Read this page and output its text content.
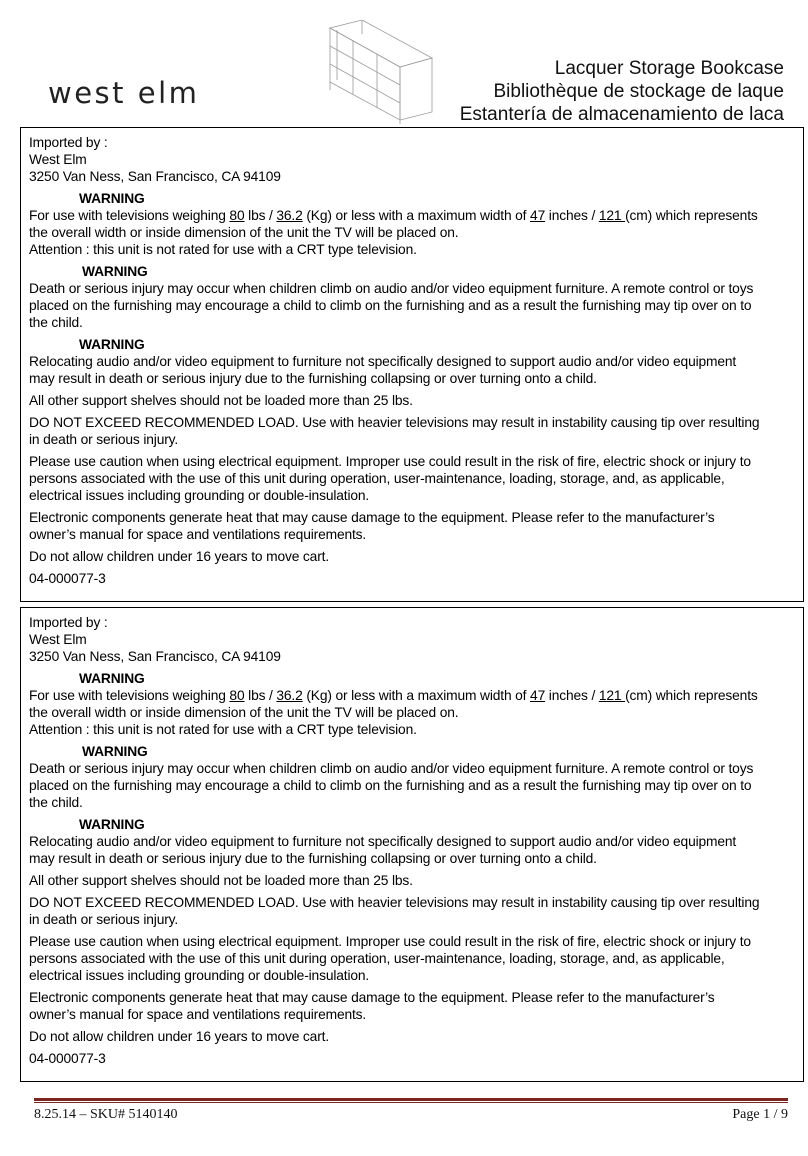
west elm
Lacquer Storage Bookcase
Bibliothèque de stockage de laque
Estantería de almacenamiento de laca
Imported by :
West Elm
3250 Van Ness, San Francisco, CA 94109
WARNING
For use with televisions weighing 80 lbs / 36.2 (Kg) or less with a maximum width of 47 inches / 121 (cm) which represents
the overall width or inside dimension of the unit the TV will be placed on.
Attention : this unit is not rated for use with a CRT type television.
WARNING
Death or serious injury may occur when children climb on audio and/or video equipment furniture. A remote control or toys
placed on the furnishing may encourage a child to climb on the furnishing and as a result the furnishing may tip over on to
the child.
WARNING
Relocating audio and/or video equipment to furniture not specifically designed to support audio and/or video equipment
may result in death or serious injury due to the furnishing collapsing or over turning onto a child.
All other support shelves should not be loaded more than 25 lbs.
DO NOT EXCEED RECOMMENDED LOAD. Use with heavier televisions may result in instability causing tip over resulting
in death or serious injury.
Please use caution when using electrical equipment. Improper use could result in the risk of fire, electric shock or injury to
persons associated with the use of this unit during operation, user-maintenance, loading, storage, and, as applicable,
electrical issues including grounding or double-insulation.
Electronic components generate heat that may cause damage to the equipment. Please refer to the manufacturer’s
owner’s manual for space and ventilations requirements.
Do not allow children under 16 years to move cart.
04-000077-3
Imported by :
West Elm
3250 Van Ness, San Francisco, CA 94109
WARNING
For use with televisions weighing 80 lbs / 36.2 (Kg) or less with a maximum width of 47 inches / 121 (cm) which represents
the overall width or inside dimension of the unit the TV will be placed on.
Attention : this unit is not rated for use with a CRT type television.
WARNING
Death or serious injury may occur when children climb on audio and/or video equipment furniture. A remote control or toys
placed on the furnishing may encourage a child to climb on the furnishing and as a result the furnishing may tip over on to
the child.
WARNING
Relocating audio and/or video equipment to furniture not specifically designed to support audio and/or video equipment
may result in death or serious injury due to the furnishing collapsing or over turning onto a child.
All other support shelves should not be loaded more than 25 lbs.
DO NOT EXCEED RECOMMENDED LOAD. Use with heavier televisions may result in instability causing tip over resulting
in death or serious injury.
Please use caution when using electrical equipment. Improper use could result in the risk of fire, electric shock or injury to
persons associated with the use of this unit during operation, user-maintenance, loading, storage, and, as applicable,
electrical issues including grounding or double-insulation.
Electronic components generate heat that may cause damage to the equipment. Please refer to the manufacturer’s
owner’s manual for space and ventilations requirements.
Do not allow children under 16 years to move cart.
04-000077-3
8.25.14 – SKU# 5140140	Page 1 / 9
